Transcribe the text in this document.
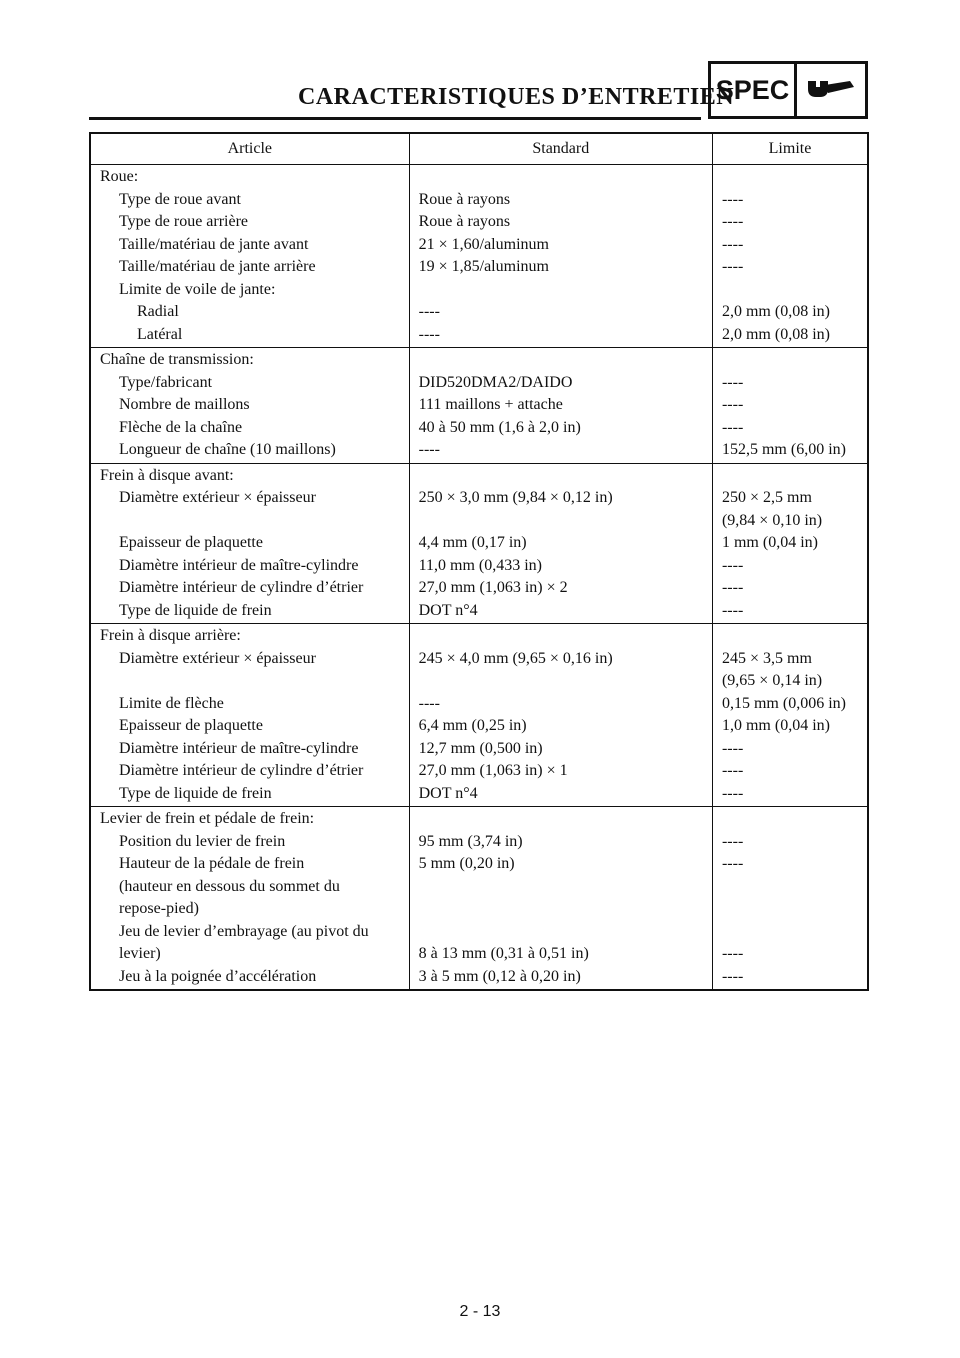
CARACTERISTIQUES D’ENTRETIEN
SPEC
Article	Standard	Limite
Roue:		
Type de roue avant	Roue à rayons	----
Type de roue arrière	Roue à rayons	----
Taille/matériau de jante avant	21 × 1,60/aluminum	----
Taille/matériau de jante arrière	19 × 1,85/aluminum	----
Limite de voile de jante:		
Radial	----	2,0 mm (0,08 in)
Latéral	----	2,0 mm (0,08 in)
Chaîne de transmission:		
Type/fabricant	DID520DMA2/DAIDO	----
Nombre de maillons	111 maillons + attache	----
Flèche de la chaîne	40 à 50 mm (1,6 à 2,0 in)	----
Longueur de chaîne (10 maillons)	----	152,5 mm (6,00 in)
Frein à disque avant:		
Diamètre extérieur × épaisseur	250 × 3,0 mm (9,84 × 0,12 in)	250 × 2,5 mm
(9,84 × 0,10 in)
Epaisseur de plaquette	4,4 mm (0,17 in)	1 mm (0,04 in)
Diamètre intérieur de maître-cylindre	11,0 mm (0,433 in)	----
Diamètre intérieur de cylindre d’étrier	27,0 mm (1,063 in) × 2	----
Type de liquide de frein	DOT n°4	----
Frein à disque arrière:		
Diamètre extérieur × épaisseur	245 × 4,0 mm (9,65 × 0,16 in)	245 × 3,5 mm
(9,65 × 0,14 in)
Limite de flèche	----	0,15 mm (0,006 in)
Epaisseur de plaquette	6,4 mm (0,25 in)	1,0 mm (0,04 in)
Diamètre intérieur de maître-cylindre	12,7 mm (0,500 in)	----
Diamètre intérieur de cylindre d’étrier	27,0 mm (1,063 in) × 1	----
Type de liquide de frein	DOT n°4	----
Levier de frein et pédale de frein:		
Position du levier de frein	95 mm (3,74 in)	----
Hauteur de la pédale de frein
(hauteur en dessous du sommet du
repose-pied)	5 mm (0,20 in)	----
Jeu de levier d’embrayage (au pivot du
levier)	8 à 13 mm (0,31 à 0,51 in)	----
Jeu à la poignée d’accélération	3 à 5 mm (0,12 à 0,20 in)	----
2 - 13
